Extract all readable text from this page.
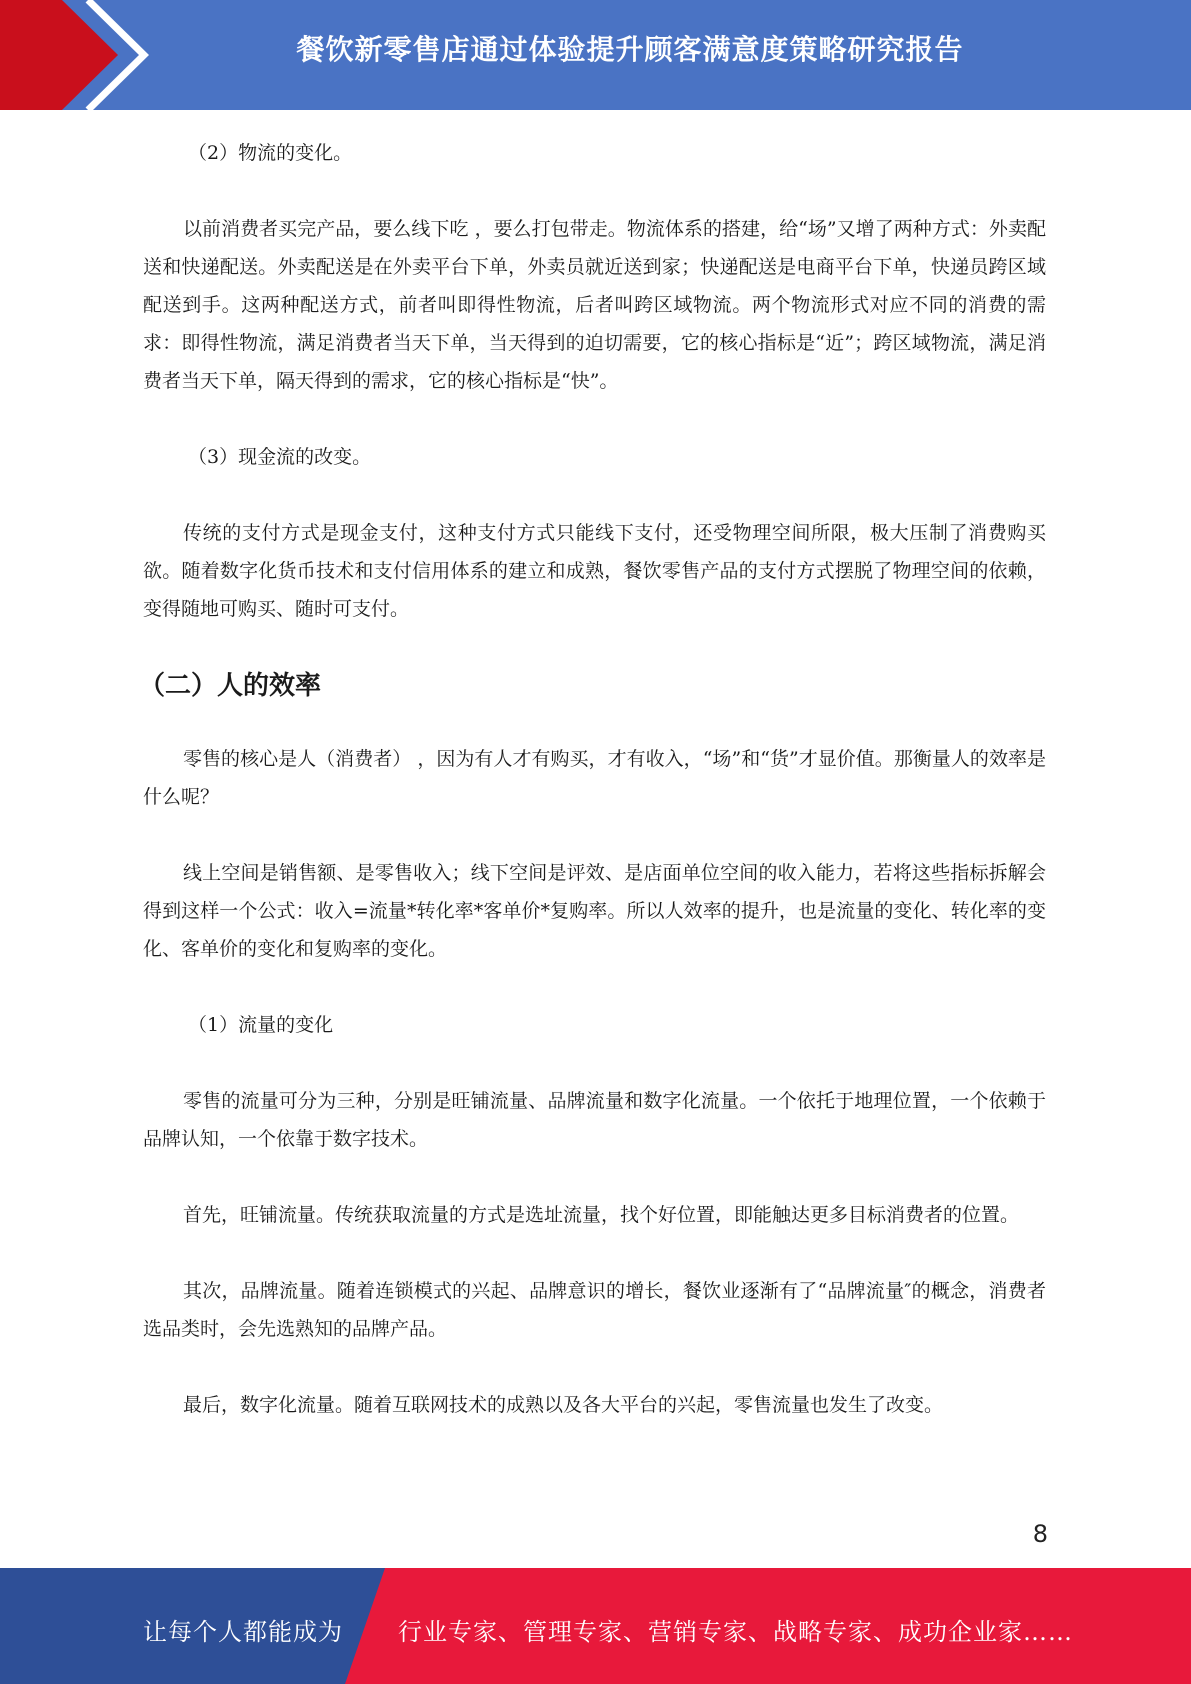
餐饮新零售店通过体验提升顾客满意度策略研究报告

（2）物流的变化。

以前消费者买完产品，要么线下吃 ，要么打包带走。物流体系的搭建，给“场”又增了两种方式：外卖配送和快递配送。外卖配送是在外卖平台下单，外卖员就近送到家；快递配送是电商平台下单，快递员跨区域配送到手。这两种配送方式，前者叫即得性物流，后者叫跨区域物流。两个物流形式对应不同的消费的需求：即得性物流，满足消费者当天下单，当天得到的迫切需要，它的核心指标是“近”；跨区域物流，满足消费者当天下单，隔天得到的需求，它的核心指标是“快”。

（3）现金流的改变。

传统的支付方式是现金支付，这种支付方式只能线下支付，还受物理空间所限，极大压制了消费购买欲。随着数字化货币技术和支付信用体系的建立和成熟，餐饮零售产品的支付方式摆脱了物理空间的依赖，变得随地可购买、随时可支付。

（二）人的效率

零售的核心是人（消费者） ，因为有人才有购买，才有收入，“场”和“货”才显价值。那衡量人的效率是什么呢？

线上空间是销售额、是零售收入；线下空间是评效、是店面单位空间的收入能力，若将这些指标拆解会得到这样一个公式：收入=流量*转化率*客单价*复购率。所以人效率的提升，也是流量的变化、转化率的变化、客单价的变化和复购率的变化。

（1）流量的变化

零售的流量可分为三种，分别是旺铺流量、品牌流量和数字化流量。一个依托于地理位置，一个依赖于品牌认知，一个依靠于数字技术。

首先，旺铺流量。传统获取流量的方式是选址流量，找个好位置，即能触达更多目标消费者的位置。

其次，品牌流量。随着连锁模式的兴起、品牌意识的增长，餐饮业逐渐有了“品牌流量″的概念，消费者选品类时，会先选熟知的品牌产品。

最后，数字化流量。随着互联网技术的成熟以及各大平台的兴起，零售流量也发生了改变。

8
让每个人都能成为 行业专家、管理专家、营销专家、战略专家、成功企业家……
